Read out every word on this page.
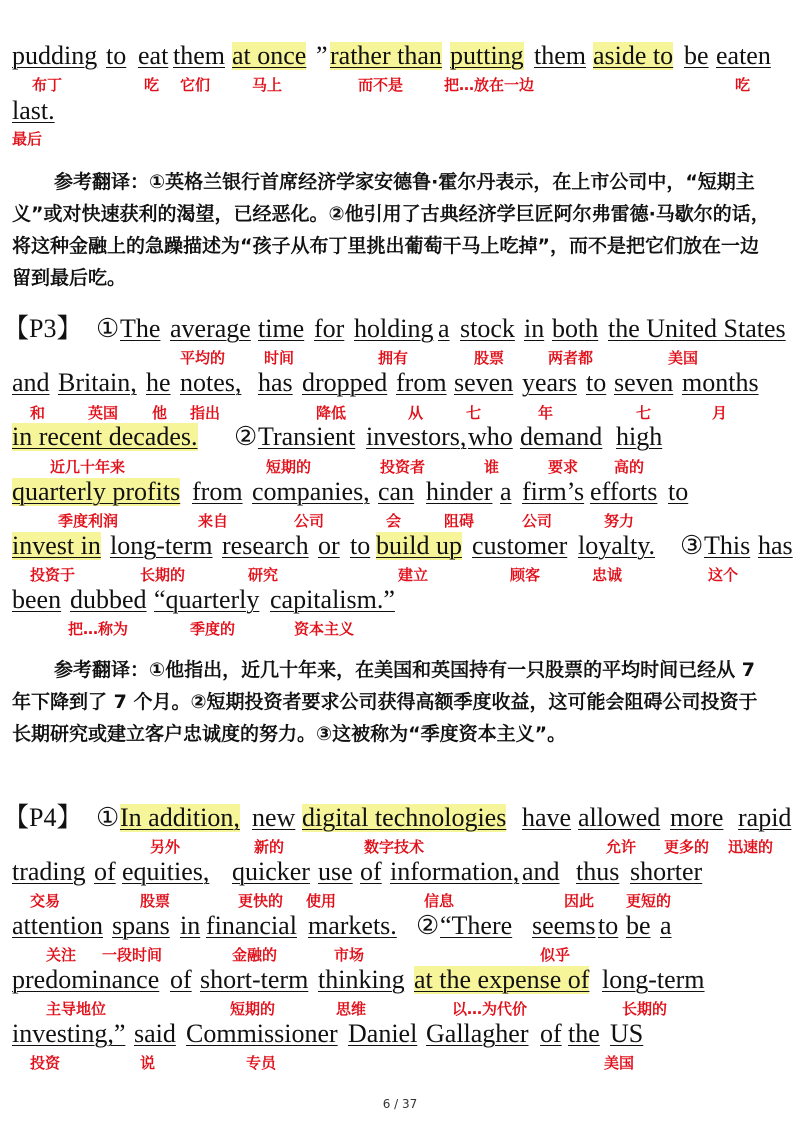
pudding to eat them at once ” rather than putting them aside to be eaten
布丁	吃 它们	马上	而不是	把…放在一边	吃
last.
最后
参考翻译：①英格兰银行首席经济学家安德鲁·霍尔丹表示，在上市公司中，“短期主义”或对快速获利的渴望，已经恶化。②他引用了古典经济学巨匠阿尔弗雷德·马歇尔的话，将这种金融上的急躁描述为“孩子从布丁里挑出葡萄干马上吃掉”，而不是把它们放在一边留到最后吃。
【P3】 ① The average time for holding a stock in both the United States
平均的	时间	拥有	股票	两者都	美国
and Britain, he notes, has dropped from seven years to seven months
和	英国 他 指出	降低	从	七	年	七	月
in recent decades. ② Transient investors, who demand high
近几十年来	短期的	投资者	谁	要求 高的
quarterly profits from companies, can hinder a firm’s efforts to
季度利润	来自	公司	会	阻碍	公司	努力
invest in long-term research or to build up customer loyalty. ③ This has
投资于	长期的	研究	建立	顾客	忠诚	这个
been dubbed “quarterly capitalism.”
把…称为	季度的	资本主义
参考翻译：①他指出，近几十年来，在美国和英国持有一只股票的平均时间已经从 7 年下降到了 7 个月。②短期投资者要求公司获得高额季度收益，这可能会阻碍公司投资于长期研究或建立客户忠诚度的努力。③这被称为“季度资本主义”。
【P4】 ① In addition, new digital technologies have allowed more rapid
另外	新的	数字技术	允许 更多的 迅速的
trading of equities, quicker use of information, and thus shorter
交易	股票	更快的 使用	信息	因此 更短的
attention spans in financial markets. ② “There seems to be a
关注 一段时间	金融的	市场	似乎
predominance of short-term thinking at the expense of long-term
主导地位	短期的	思维	以…为代价	长期的
investing,” said Commissioner Daniel Gallagher of the US
投资	说	专员	美国
6 / 37
